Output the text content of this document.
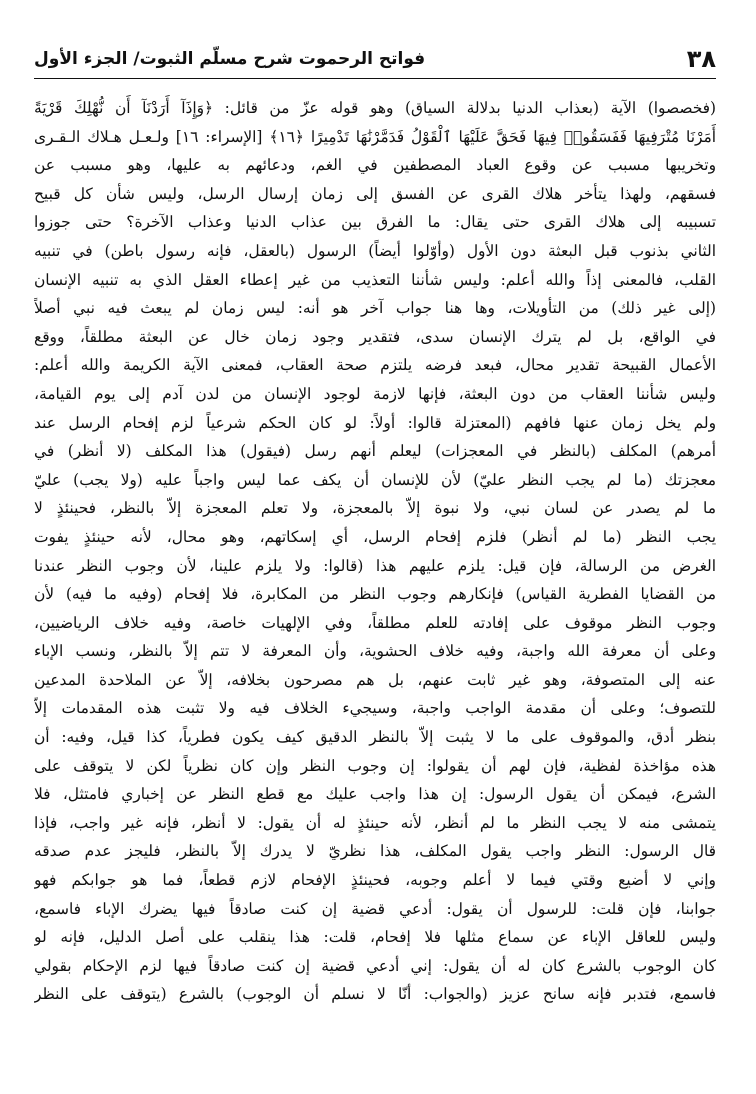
٣٨
فواتح الرحموت شرح مسلّم الثبوت/ الجزء الأول
(فخصصوا) الآية (بعذاب الدنيا بدلالة السياق) وهو قوله عزّ من قائل: ﴿وَإِذَآ أَرَدْنَآ أَن نُّهْلِكَ قَرْيَةً
أَمَرْنَا مُتْرَفِيهَا فَفَسَقُوا۟ فِيهَا فَحَقَّ عَلَيْهَا ٱلْقَوْلُ فَدَمَّرْنَٰهَا تَدْمِيرًا ﴿١٦﴾ [الإسراء: ١٦] ولـعـل هـلاك الـقـرى
وتخريبها مسبب عن وقوع العباد المصطفين في الغم، ودعائهم به عليها، وهو مسبب عن
فسقهم، ولهذا يتأخر هلاك القرى عن الفسق إلى زمان إرسال الرسل، وليس شأن كل قبيح
تسبيبه إلى هلاك القرى حتى يقال: ما الفرق بين عذاب الدنيا وعذاب الآخرة؟ حتى جوزوا
الثاني بذنوب قبل البعثة دون الأول (وأوّلوا أيضاً) الرسول (بالعقل، فإنه رسول باطن) في تنبيه
القلب، فالمعنى إذاً والله أعلم: وليس شأننا التعذيب من غير إعطاء العقل الذي به تنبيه الإنسان
(إلى غير ذلك) من التأويلات، وها هنا جواب آخر هو أنه: ليس زمان لم يبعث فيه نبي أصلاً
في الواقع، بل لم يترك الإنسان سدى، فتقدير وجود زمان خال عن البعثة مطلقاً، ووقع
الأعمال القبيحة تقدير محال، فبعد فرضه يلتزم صحة العقاب، فمعنى الآية الكريمة والله أعلم:
وليس شأننا العقاب من دون البعثة، فإنها لازمة لوجود الإنسان من لدن آدم إلى يوم القيامة،
ولم يخل زمان عنها فافهم (المعتزلة قالوا: أولاً: لو كان الحكم شرعياً لزم إفحام الرسل عند
أمرهم) المكلف (بالنظر في المعجزات) ليعلم أنهم رسل (فيقول) هذا المكلف (لا أنظر) في
معجزتك (ما لم يجب النظر عليّ) لأن للإنسان أن يكف عما ليس واجباً عليه (ولا يجب) عليّ
ما لم يصدر عن لسان نبي، ولا نبوة إلاّ بالمعجزة، ولا تعلم المعجزة إلاّ بالنظر، فحينئذٍ لا
يجب النظر (ما لم أنظر) فلزم إفحام الرسل، أي إسكاتهم، وهو محال، لأنه حينئذٍ يفوت
الغرض من الرسالة، فإن قيل: يلزم عليهم هذا (قالوا: ولا يلزم علينا، لأن وجوب النظر عندنا
من القضايا الفطرية القياس) فإنكارهم وجوب النظر من المكابرة، فلا إفحام (وفيه ما فيه) لأن
وجوب النظر موقوف على إفادته للعلم مطلقاً، وفي الإلهيات خاصة، وفيه خلاف الرياضيين،
وعلى أن معرفة الله واجبة، وفيه خلاف الحشوية، وأن المعرفة لا تتم إلاّ بالنظر، ونسب الإباء
عنه إلى المتصوفة، وهو غير ثابت عنهم، بل هم مصرحون بخلافه، إلاّ عن الملاحدة المدعين
للتصوف؛ وعلى أن مقدمة الواجب واجبة، وسيجيء الخلاف فيه ولا تثبت هذه المقدمات إلاّ
بنظر أدق، والموقوف على ما لا يثبت إلاّ بالنظر الدقيق كيف يكون فطرياً، كذا قيل، وفيه: أن
هذه مؤاخذة لفظية، فإن لهم أن يقولوا: إن وجوب النظر وإن كان نظرياً لكن لا يتوقف على
الشرع، فيمكن أن يقول الرسول: إن هذا واجب عليك مع قطع النظر عن إخباري فامتثل، فلا
يتمشى منه لا يجب النظر ما لم أنظر، لأنه حينئذٍ له أن يقول: لا أنظر، فإنه غير واجب، فإذا
قال الرسول: النظر واجب يقول المكلف، هذا نظريّ لا يدرك إلاّ بالنظر، فليجز عدم صدقه
وإني لا أضيع وقتي فيما لا أعلم وجوبه، فحينئذٍ الإفحام لازم قطعاً، فما هو جوابكم فهو
جوابنا، فإن قلت: للرسول أن يقول: أدعي قضية إن كنت صادقاً فيها يضرك الإباء فاسمع،
وليس للعاقل الإباء عن سماع مثلها فلا إفحام، قلت: هذا ينقلب على أصل الدليل، فإنه لو
كان الوجوب بالشرع كان له أن يقول: إني أدعي قضية إن كنت صادقاً فيها لزم الإحكام بقولي
فاسمع، فتدبر فإنه سانح عزيز (والجواب: أنّا لا نسلم أن الوجوب) بالشرع (يتوقف على النظر
